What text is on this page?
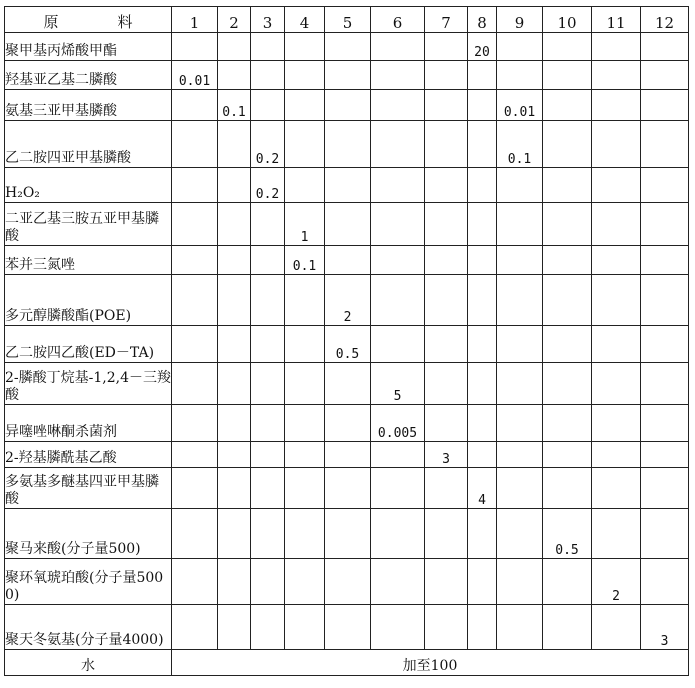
原　料	1	2	3	4	5	6	7	8	9	10	11	12
聚甲基丙烯酸甲酯								20				
羟基亚乙基二膦酸	0.01											
氨基三亚甲基膦酸		0.1							0.01			
乙二胺四亚甲基膦酸			0.2						0.1			
H₂O₂			0.2									
二亚乙基三胺五亚甲基膦酸				1								
苯并三氮唑				0.1								
多元醇膦酸酯(POE)					2							
乙二胺四乙酸(ED－TA)					0.5							
2-膦酸丁烷基-1,2,4－三羧酸						5						
异噻唑啉酮杀菌剂						0.005						
2-羟基膦酰基乙酸							3					
多氨基多醚基四亚甲基膦酸								4				
聚马来酸(分子量500)										0.5		
聚环氧琥珀酸(分子量5000)											2	
聚天冬氨基(分子量4000)												3
水	加至100											
